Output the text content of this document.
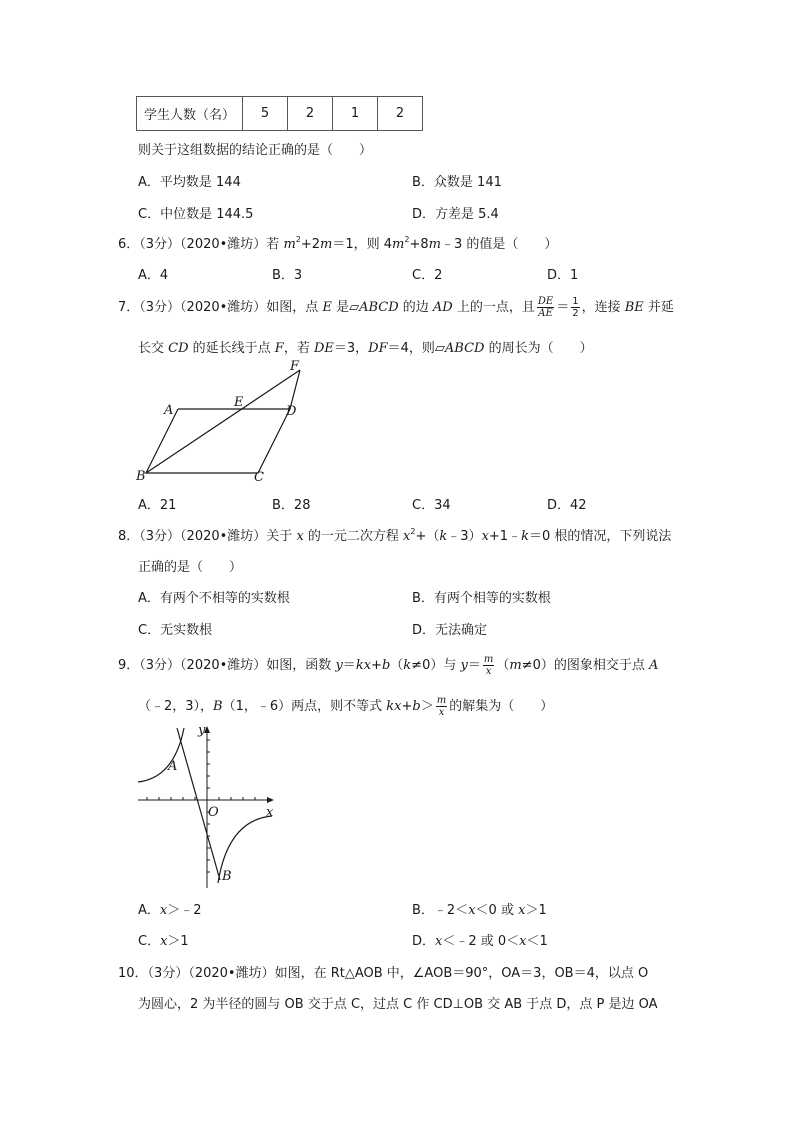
学生人数（名）	5	2	1	2
则关于这组数据的结论正确的是（　　）
A．平均数是 144	B．众数是 141
C．中位数是 144.5	D．方差是 5.4
6．（3分）（2020•潍坊）若 $m^2+2m=1$，则 $4m^2+8m﹣3$ 的值是（　　）
A．4	B．3	C．2	D．1
7．（3分）（2020•潍坊）如图，点 E 是▱ABCD 的边 AD 上的一点，且 $\frac{DE}{AE} = \frac{1}{2}$ ，连接 BE 并延
长交 CD 的延长线于点 F，若 DE＝3，DF＝4，则▱ABCD 的周长为（　　）
A
E
D
F
B	C
A．21	B．28	C．34	D．42
8．（3分）（2020•潍坊）关于 x 的一元二次方程 $x^2+(k﹣3)x+1﹣k=0$ 根的情况，下列说法
正确的是（　　）
A．有两个不相等的实数根	B．有两个相等的实数根
C．无实数根	D．无法确定
9．（3分）（2020•潍坊）如图，函数 y＝kx+b（k≠0）与 $y= \frac{m}{x} (m\ne 0)$的图象相交于点 A
（﹣2，3），B（1，﹣6）两点，则不等式 $kx+b> \frac{m}{x}$ 的解集为（　　）
y
A
O	x
B
A．x＞﹣2	B．﹣2＜x＜0 或 x＞1
C．x＞1	D．x＜﹣2 或 0＜x＜1
10．（3分）（2020•潍坊）如图，在 Rt△AOB 中，∠AOB＝90°，OA＝3，OB＝4，以点 O
为圆心，2 为半径的圆与 OB 交于点 C，过点 C 作 CD⊥OB 交 AB 于点 D，点 P 是边 OA
